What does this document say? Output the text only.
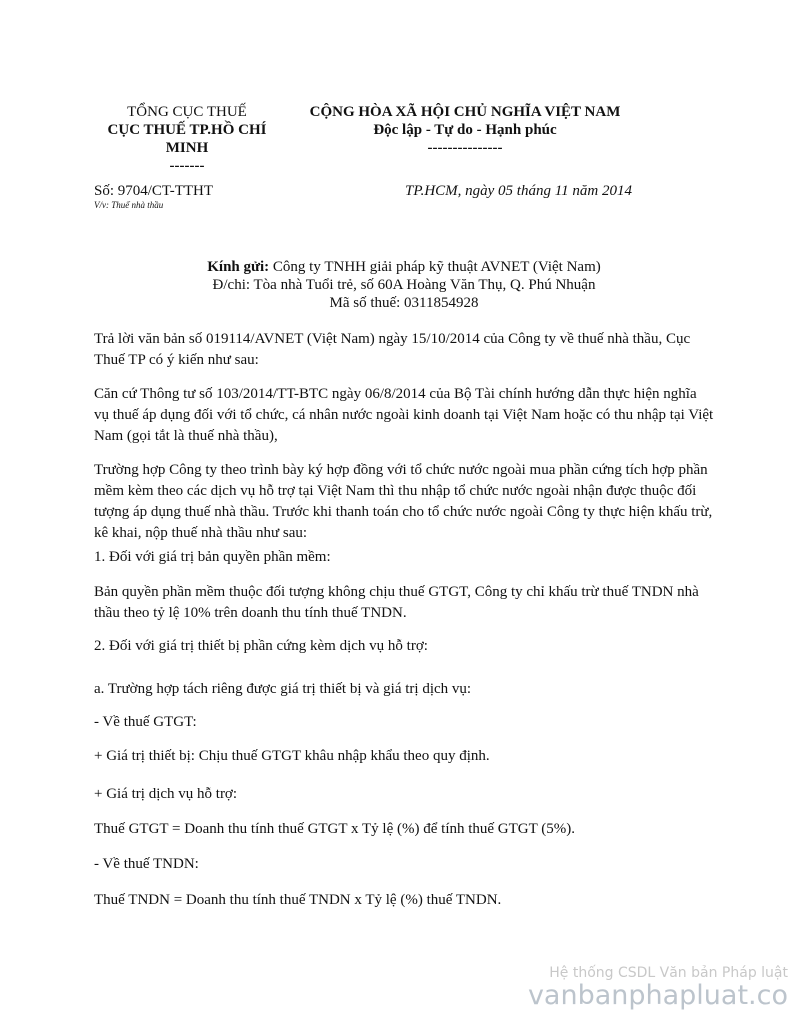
TỔNG CỤC THUẾ
CỤC THUẾ TP.HỒ CHÍ
MINH
-------
CỘNG HÒA XÃ HỘI CHỦ NGHĨA VIỆT NAM
Độc lập - Tự do - Hạnh phúc
---------------
Số: 9704/CT-TTHT
V/v: Thuế nhà thầu
TP.HCM, ngày 05 tháng 11 năm 2014
Kính gửi: Công ty TNHH giải pháp kỹ thuật AVNET (Việt Nam)
Đ/chi: Tòa nhà Tuổi trẻ, số 60A Hoàng Văn Thụ, Q. Phú Nhuận
Mã số thuế: 0311854928
Trả lời văn bản số 019114/AVNET (Việt Nam) ngày 15/10/2014 của Công ty về thuế nhà thầu, Cục Thuế TP có ý kiến như sau:
Căn cứ Thông tư số 103/2014/TT-BTC ngày 06/8/2014 của Bộ Tài chính hướng dẫn thực hiện nghĩa vụ thuế áp dụng đối với tổ chức, cá nhân nước ngoài kinh doanh tại Việt Nam hoặc có thu nhập tại Việt Nam (gọi tắt là thuế nhà thầu),
Trường hợp Công ty theo trình bày ký hợp đồng với tổ chức nước ngoài mua phần cứng tích hợp phần mềm kèm theo các dịch vụ hỗ trợ tại Việt Nam thì thu nhập tổ chức nước ngoài nhận được thuộc đối tượng áp dụng thuế nhà thầu. Trước khi thanh toán cho tổ chức nước ngoài Công ty thực hiện khấu trừ, kê khai, nộp thuế nhà thầu như sau:
1. Đối với giá trị bản quyền phần mềm:
Bản quyền phần mềm thuộc đối tượng không chịu thuế GTGT, Công ty chỉ khấu trừ thuế TNDN nhà thầu theo tỷ lệ 10% trên doanh thu tính thuế TNDN.
2. Đối với giá trị thiết bị phần cứng kèm dịch vụ hỗ trợ:
a. Trường hợp tách riêng được giá trị thiết bị và giá trị dịch vụ:
- Về thuế GTGT:
+ Giá trị thiết bị: Chịu thuế GTGT khâu nhập khẩu theo quy định.
+ Giá trị dịch vụ hỗ trợ:
Thuế GTGT = Doanh thu tính thuế GTGT x Tỷ lệ (%) để tính thuế GTGT (5%).
- Về thuế TNDN:
Thuế TNDN = Doanh thu tính thuế TNDN x Tỷ lệ (%) thuế TNDN.
Hệ thống CSDL Văn bản Pháp luật
vanbanphapluat.co
